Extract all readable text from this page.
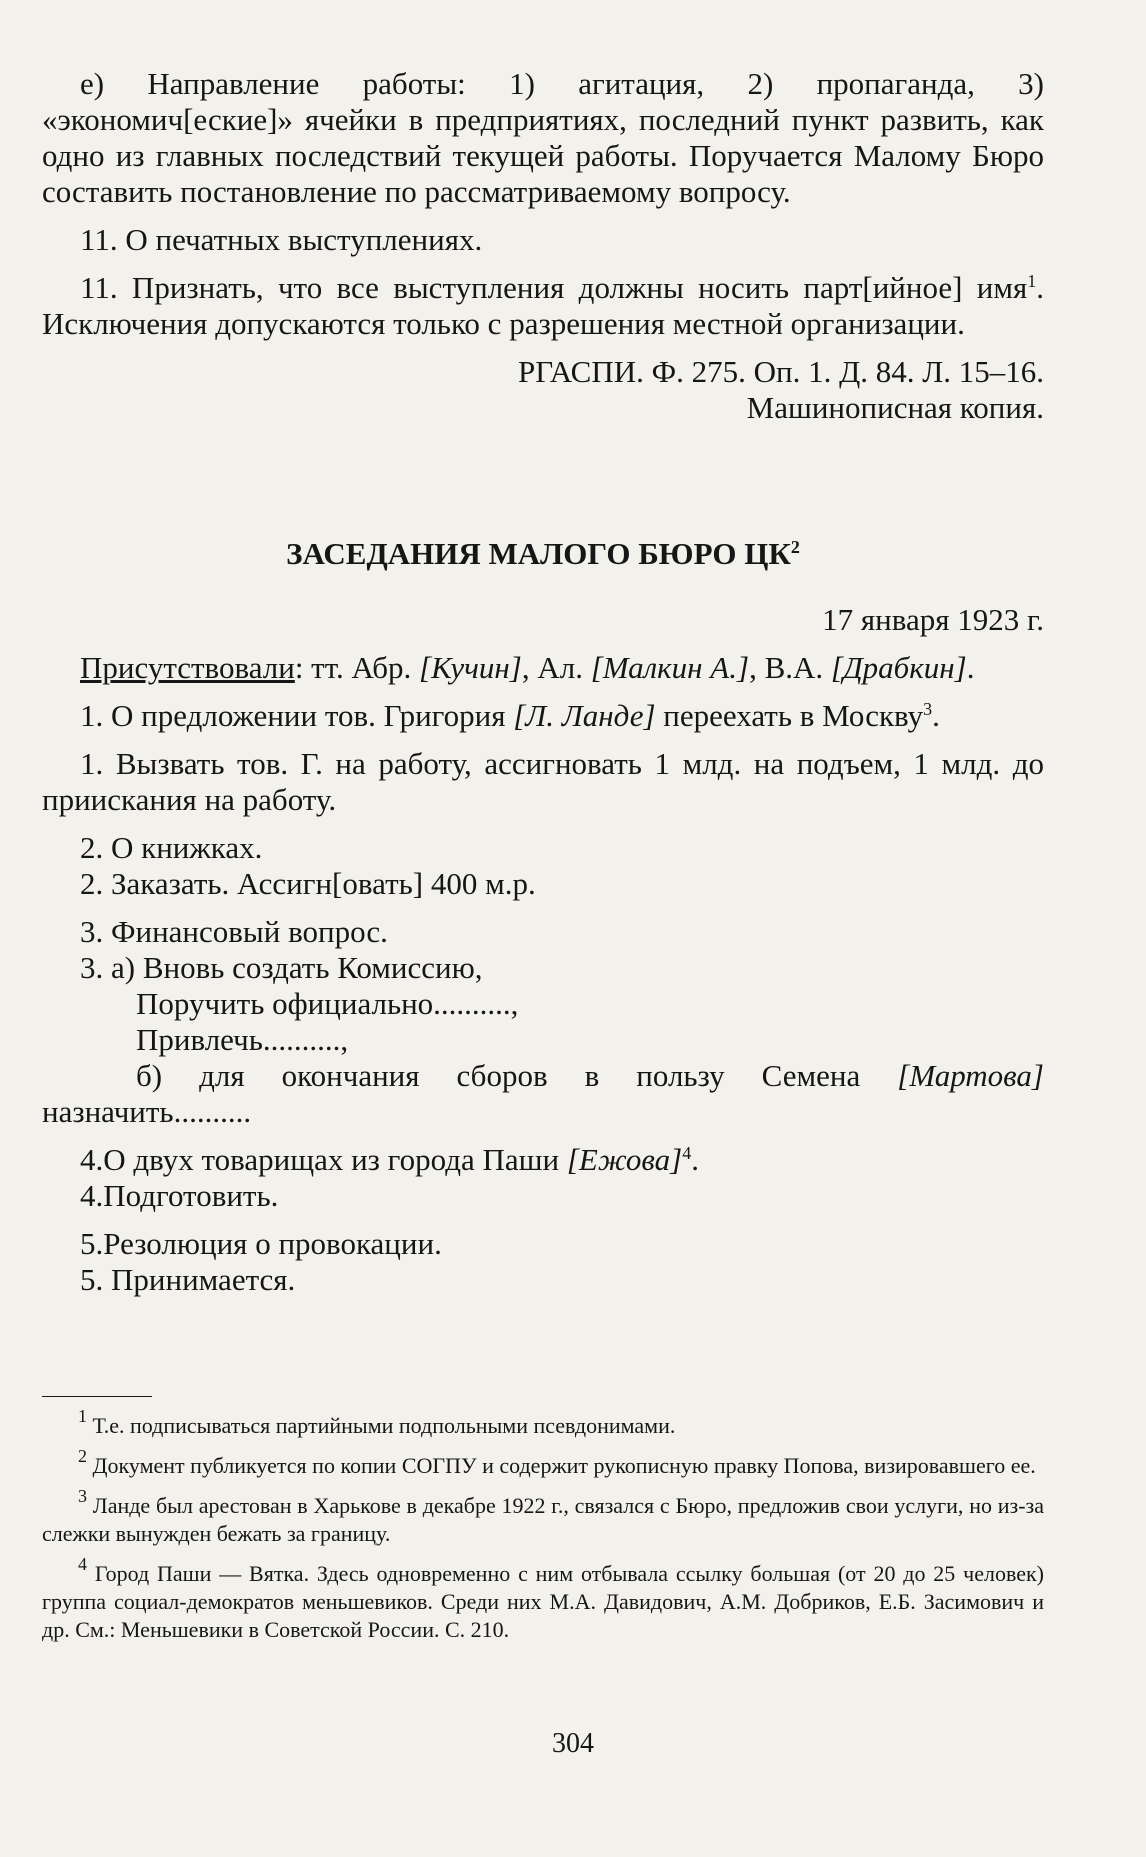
е) Направление работы: 1) агитация, 2) пропаганда, 3) «экономич[еские]» ячейки в предприятиях, последний пункт развить, как одно из главных последствий текущей работы. Поручается Малому Бюро составить постановление по рассматриваемому вопросу.

11. О печатных выступлениях.

11. Признать, что все выступления должны носить парт[ийное] имя$^1$. Исключения допускаются только с разрешения местной организации.

РГАСПИ. Ф. 275. Оп. 1. Д. 84. Л. 15–16.

Машинописная копия.

ЗАСЕДАНИЯ МАЛОГО БЮРО $ЦК^2$

17 января 1923 г.

Присутствовали: тт. Абр. [Кучин], Ал. [Малкин А.], В.А. [Драбкин].

1. О предложении тов. Григория [Л. Ланде] переехать в Москву$^3$.

1. Вызвать тов. Г. на работу, ассигновать 1 млд. на подъем, 1 млд. до приискания на работу.

2. О книжках.

2. Заказать. Ассигн[овать] 400 м.р.

3. Финансовый вопрос.

3. а) Вновь создать Комиссию,

Поручить официально..........,

Привлечь..........,

б) для окончания сборов в пользу Семена [Мартова] назначить..........

4.О двух товарищах из города Паши [Ежова]$^4$.

4.Подготовить.

5.Резолюция о провокации.

5. Принимается.

$^1$ Т.е. подписываться партийными подпольными псевдонимами.

$^2$ Документ публикуется по копии СОГПУ и содержит рукописную правку Попова, визировавшего ее.

$^3$ Ланде был арестован в Харькове в декабре 1922 г., связался с Бюро, предложив свои услуги, но из-за слежки вынужден бежать за границу.

$^4$ Город Паши — Вятка. Здесь одновременно с ним отбывала ссылку большая (от 20 до 25 человек) группа социал-демократов меньшевиков. Среди них М.А. Давидович, А.М. Добриков, Е.Б. Засимович и др. См.: Меньшевики в Советской России. С. 210.

304
